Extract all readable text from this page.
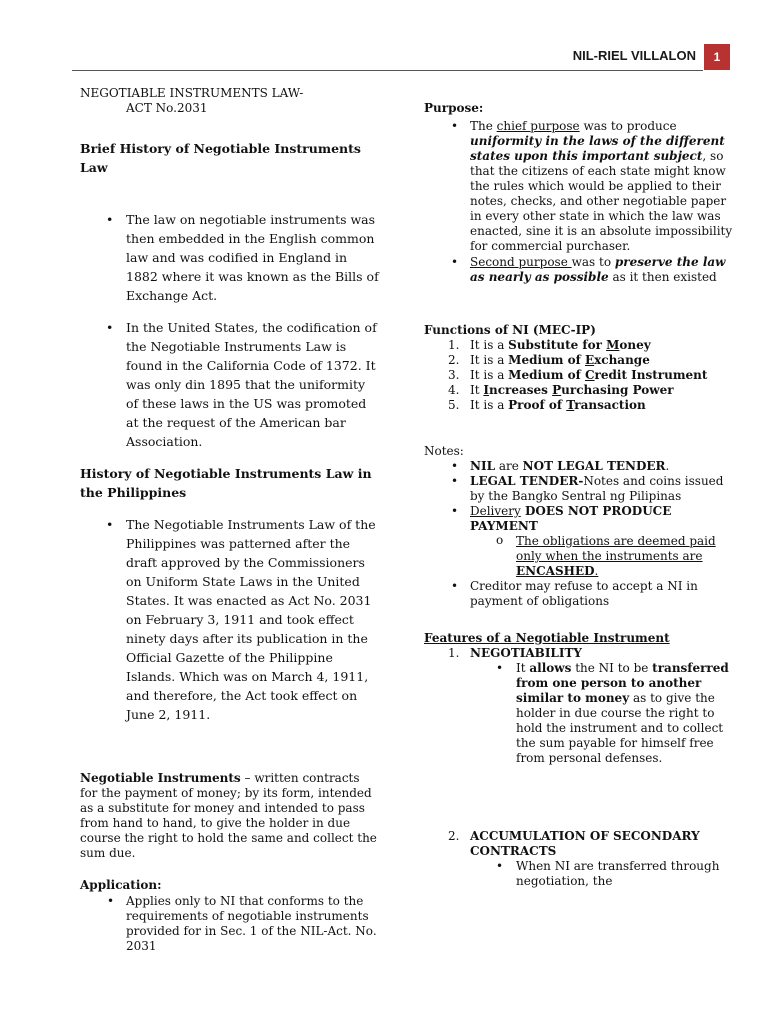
NIL-RIEL VILLALON	1

NEGOTIABLE INSTRUMENTS LAW-

ACT No.2031

Brief History of Negotiable Instruments Law

• The law on negotiable instruments was then embedded in the English common law and was codified in England in 1882 where it was known as the Bills of Exchange Act.

• In the United States, the codification of the Negotiable Instruments Law is found in the California Code of 1372. It was only din 1895 that the uniformity of these laws in the US was promoted at the request of the American bar Association.

History of Negotiable Instruments Law in the Philippines

• The Negotiable Instruments Law of the Philippines was patterned after the draft approved by the Commissioners on Uniform State Laws in the United States. It was enacted as Act No. 2031 on February 3, 1911 and took effect ninety days after its publication in the Official Gazette of the Philippine Islands. Which was on March 4, 1911, and therefore, the Act took effect on June 2, 1911.

Negotiable Instruments – written contracts for the payment of money; by its form, intended as a substitute for money and intended to pass from hand to hand, to give the holder in due course the right to hold the same and collect the sum due.

Application:

• Applies only to NI that conforms to the requirements of negotiable instruments provided for in Sec. 1 of the NIL-Act. No. 2031

Purpose:

• The chief purpose was to produce uniformity in the laws of the different states upon this important subject, so that the citizens of each state might know the rules which would be applied to their notes, checks, and other negotiable paper in every other state in which the law was enacted, sine it is an absolute impossibility for commercial purchaser.

• Second purpose was to preserve the law as nearly as possible as it then existed

Functions of NI (MEC-IP)

1. It is a Substitute for Money

2. It is a Medium of Exchange

3. It is a Medium of Credit Instrument

4. It Increases Purchasing Power

5. It is a Proof of Transaction

Notes:

• NIL are NOT LEGAL TENDER.

• LEGAL TENDER-Notes and coins issued by the Bangko Sentral ng Pilipinas

• Delivery DOES NOT PRODUCE PAYMENT

o The obligations are deemed paid only when the instruments are ENCASHED.

• Creditor may refuse to accept a NI in payment of obligations

Features of a Negotiable Instrument

1. NEGOTIABILITY

• It allows the NI to be transferred from one person to another similar to money as to give the holder in due course the right to hold the instrument and to collect the sum payable for himself free from personal defenses.

2. ACCUMULATION OF SECONDARY CONTRACTS

• When NI are transferred through negotiation, the
